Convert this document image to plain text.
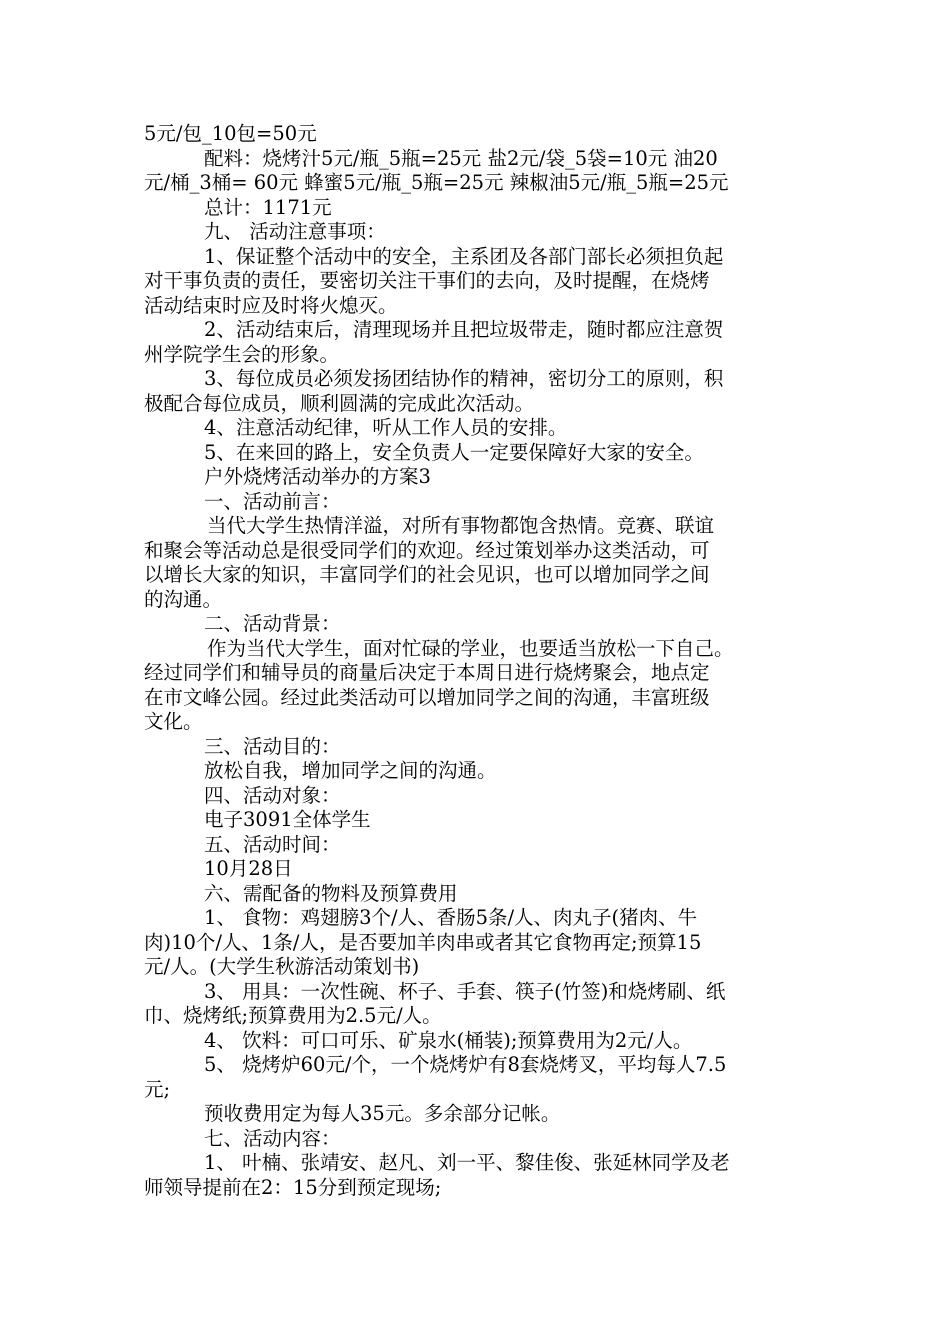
5元/包_10包=50元
配料：烧烤汁5元/瓶_5瓶=25元 盐2元/袋_5袋=10元 油20
元/桶_3桶= 60元 蜂蜜5元/瓶_5瓶=25元 辣椒油5元/瓶_5瓶=25元
总计：1171元
九、 活动注意事项：
1、保证整个活动中的安全，主系团及各部门部长必须担负起
对干事负责的责任，要密切关注干事们的去向，及时提醒，在烧烤
活动结束时应及时将火熄灭。
2、活动结束后，清理现场并且把垃圾带走，随时都应注意贺
州学院学生会的形象。
3、每位成员必须发扬团结协作的精神，密切分工的原则，积
极配合每位成员，顺利圆满的完成此次活动。
4、注意活动纪律，听从工作人员的安排。
5、在来回的路上，安全负责人一定要保障好大家的安全。
户外烧烤活动举办的方案3
一、活动前言：
当代大学生热情洋溢，对所有事物都饱含热情。竞赛、联谊
和聚会等活动总是很受同学们的欢迎。经过策划举办这类活动，可
以增长大家的知识，丰富同学们的社会见识，也可以增加同学之间
的沟通。
二、活动背景：
作为当代大学生，面对忙碌的学业，也要适当放松一下自己。
经过同学们和辅导员的商量后决定于本周日进行烧烤聚会，地点定
在市文峰公园。经过此类活动可以增加同学之间的沟通，丰富班级
文化。
三、活动目的：
放松自我，增加同学之间的沟通。
四、活动对象：
电子3091全体学生
五、活动时间：
10月28日
六、需配备的物料及预算费用
1、 食物：鸡翅膀3个/人、香肠5条/人、肉丸子(猪肉、牛
肉)10个/人、1条/人，是否要加羊肉串或者其它食物再定;预算15
元/人。(大学生秋游活动策划书)
3、 用具：一次性碗、杯子、手套、筷子(竹签)和烧烤刷、纸
巾、烧烤纸;预算费用为2.5元/人。
4、 饮料：可口可乐、矿泉水(桶装);预算费用为2元/人。
5、 烧烤炉60元/个，一个烧烤炉有8套烧烤叉，平均每人7.5
元;
预收费用定为每人35元。多余部分记帐。
七、活动内容：
1、 叶楠、张靖安、赵凡、刘一平、黎佳俊、张延林同学及老
师领导提前在2：15分到预定现场;
